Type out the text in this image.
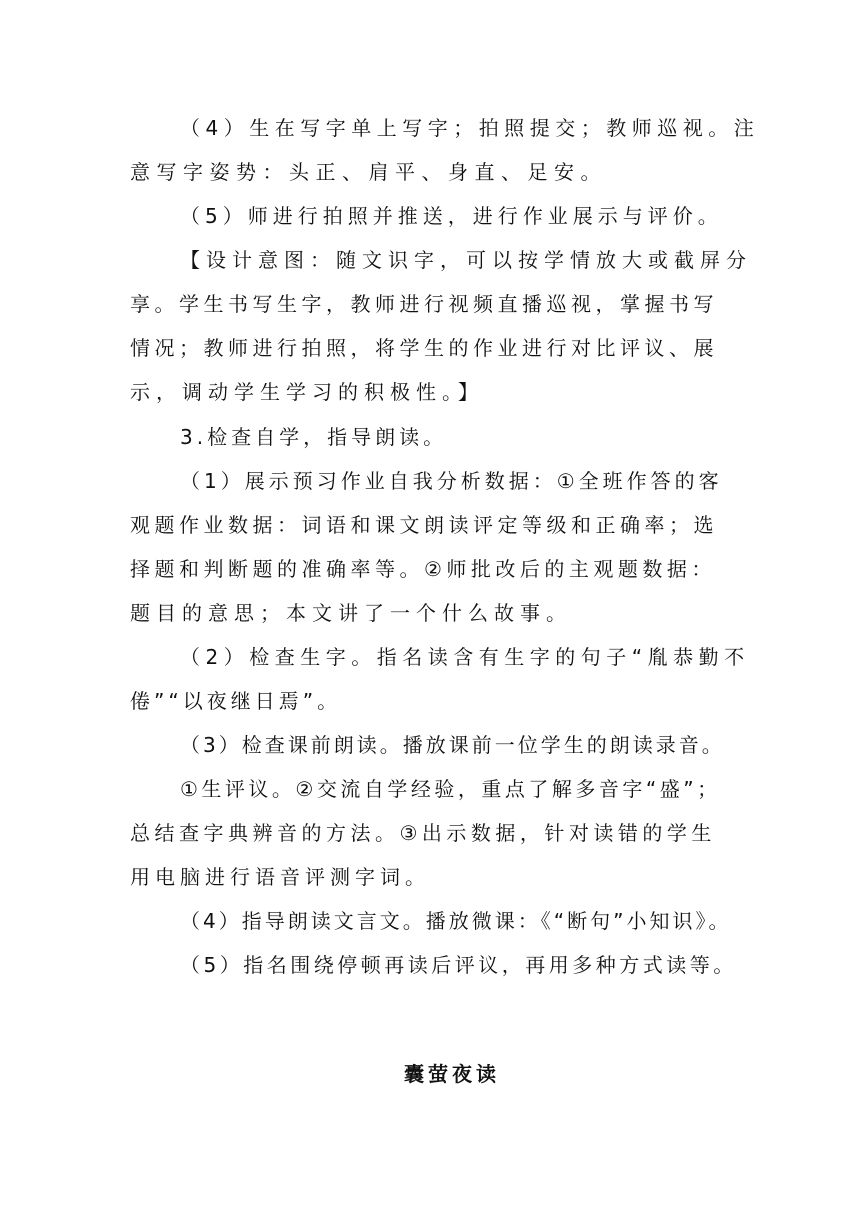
（4）生在写字单上写字；拍照提交；教师巡视。注
意写字姿势：头正、肩平、身直、足安。
（5）师进行拍照并推送，进行作业展示与评价。
【设计意图：随文识字，可以按学情放大或截屏分
享。学生书写生字，教师进行视频直播巡视，掌握书写
情况；教师进行拍照，将学生的作业进行对比评议、展
示，调动学生学习的积极性。】
3.检查自学，指导朗读。
（1）展示预习作业自我分析数据：①全班作答的客
观题作业数据：词语和课文朗读评定等级和正确率；选
择题和判断题的准确率等。②师批改后的主观题数据：
题目的意思；本文讲了一个什么故事。
（2）检查生字。指名读含有生字的句子“胤恭勤不
倦”“以夜继日焉”。
（3）检查课前朗读。播放课前一位学生的朗读录音。
①生评议。②交流自学经验，重点了解多音字“盛”；
总结查字典辨音的方法。③出示数据，针对读错的学生
用电脑进行语音评测字词。
（4）指导朗读文言文。播放微课：《“断句”小知识》。
（5）指名围绕停顿再读后评议，再用多种方式读等。
囊萤夜读
